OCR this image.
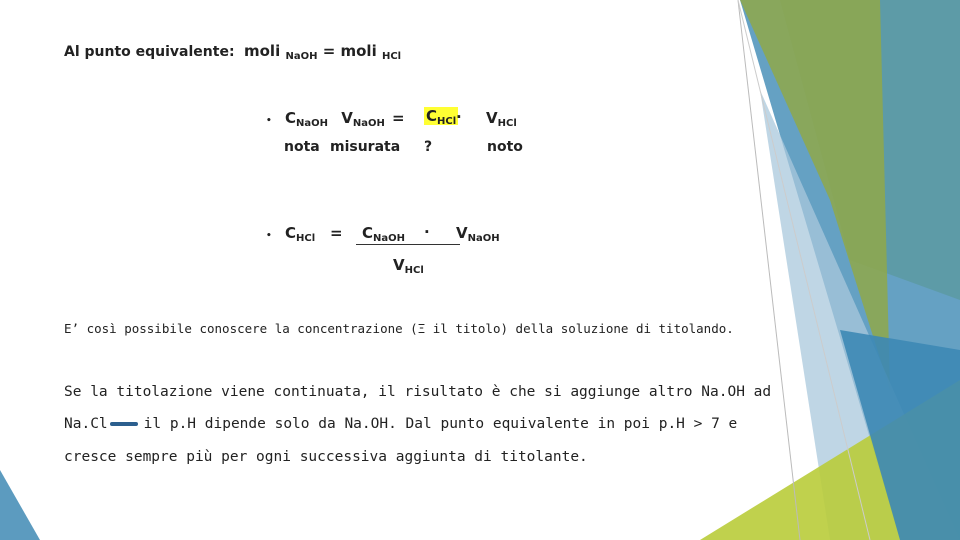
Al punto equivalente: moli $_{NaOH}$ = moli $_{HCl}$
• $C_{NaOH}$ $V_{NaOH} = C_{HCl} \cdot V_{HCl}$
nota misurata ?	noto
• $C_{HCl} = C_{NaOH} \cdot V_{NaOH}$
$V_{HCl}$
E’ così possibile conoscere la concentrazione (Ξ il titolo) della soluzione di titolando.
Se la titolazione viene continuata, il risultato è che si aggiunge altro Na.OH ad
Na.Cl il p.H dipende solo da Na.OH. Dal punto equivalente in poi p.H > 7 e
cresce sempre più per ogni successiva aggiunta di titolante.
